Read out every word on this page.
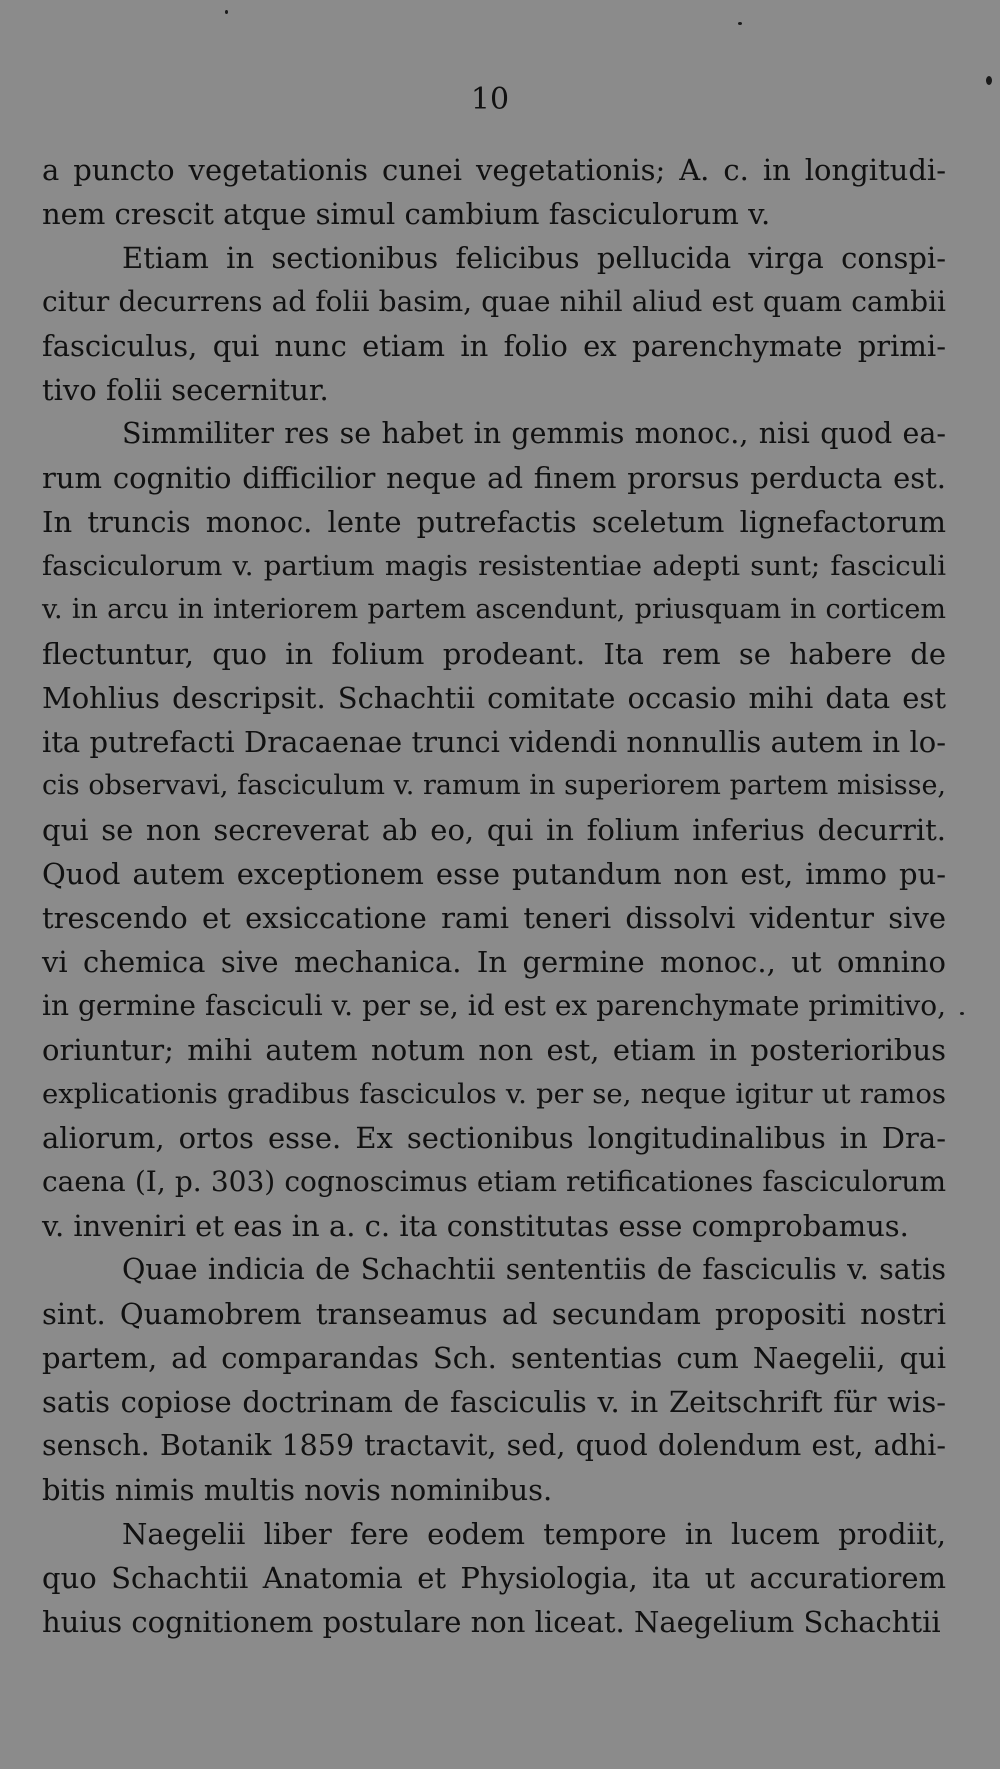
10
a puncto vegetationis cunei vegetationis; A. c. in longitudi-
nem crescit atque simul cambium fasciculorum v.
Etiam in sectionibus felicibus pellucida virga conspi-
citur decurrens ad folii basim, quae nihil aliud est quam cambii
fasciculus, qui nunc etiam in folio ex parenchymate primi-
tivo folii secernitur.
Simmiliter res se habet in gemmis monoc., nisi quod ea-
rum cognitio difficilior neque ad finem prorsus perducta est.
In truncis monoc. lente putrefactis sceletum lignefactorum
fasciculorum v. partium magis resistentiae adepti sunt; fasciculi
v. in arcu in interiorem partem ascendunt, priusquam in corticem
flectuntur, quo in folium prodeant. Ita rem se habere de
Mohlius descripsit. Schachtii comitate occasio mihi data est
ita putrefacti Dracaenae trunci videndi nonnullis autem in lo-
cis observavi, fasciculum v. ramum in superiorem partem misisse,
qui se non secreverat ab eo, qui in folium inferius decurrit.
Quod autem exceptionem esse putandum non est, immo pu-
trescendo et exsiccatione rami teneri dissolvi videntur sive
vi chemica sive mechanica. In germine monoc., ut omnino
in germine fasciculi v. per se, id est ex parenchymate primitivo,
oriuntur; mihi autem notum non est, etiam in posterioribus
explicationis gradibus fasciculos v. per se, neque igitur ut ramos
aliorum, ortos esse. Ex sectionibus longitudinalibus in Dra-
caena (I, p. 303) cognoscimus etiam retificationes fasciculorum
v. inveniri et eas in a. c. ita constitutas esse comprobamus.
Quae indicia de Schachtii sententiis de fasciculis v. satis
sint. Quamobrem transeamus ad secundam propositi nostri
partem, ad comparandas Sch. sententias cum Naegelii, qui
satis copiose doctrinam de fasciculis v. in Zeitschrift für wis-
sensch. Botanik 1859 tractavit, sed, quod dolendum est, adhi-
bitis nimis multis novis nominibus.
Naegelii liber fere eodem tempore in lucem prodiit,
quo Schachtii Anatomia et Physiologia, ita ut accuratiorem
huius cognitionem postulare non liceat. Naegelium Schachtii
